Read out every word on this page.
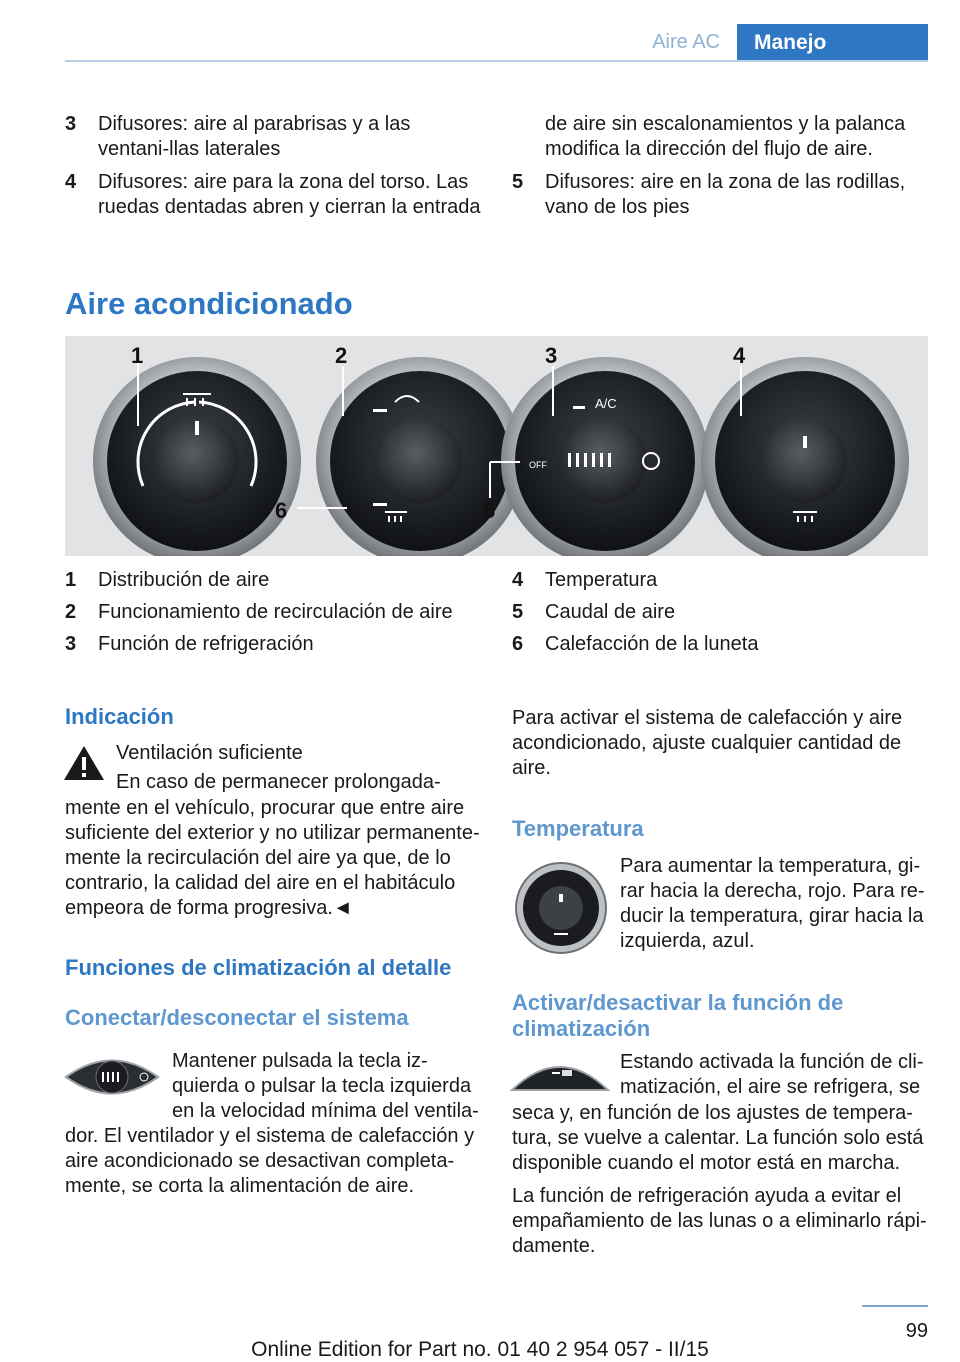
Aire AC	Manejo
3 Difusores: aire al parabrisas y a las ventani-llas laterales
4 Difusores: aire para la zona del torso. Las ruedas dentadas abren y cierran la entrada
de aire sin escalonamientos y la palanca modifica la dirección del flujo de aire.
5 Difusores: aire en la zona de las rodillas, vano de los pies
Aire acondicionado
A/C
OFF
1	2	3	4
5
6
1 Distribución de aire
2 Funcionamiento de recirculación de aire
3 Función de refrigeración
4 Temperatura
5 Caudal de aire
6 Calefacción de la luneta
Indicación
Ventilación suficiente
En caso de permanecer prolongada-
mente en el vehículo, procurar que entre aire suficiente del exterior y no utilizar permanente-mente la recirculación del aire ya que, de lo contrario, la calidad del aire en el habitáculo empeora de forma progresiva.◄
Funciones de climatización al detalle
Conectar/desconectar el sistema
Mantener pulsada la tecla iz-quierda o pulsar la tecla izquierda en la velocidad mínima del ventila-
dor. El ventilador y el sistema de calefacción y aire acondicionado se desactivan completa-mente, se corta la alimentación de aire.
Para activar el sistema de calefacción y aire acondicionado, ajuste cualquier cantidad de aire.
Temperatura
Para aumentar la temperatura, gi-rar hacia la derecha, rojo. Para re-ducir la temperatura, girar hacia la izquierda, azul.
Activar/desactivar la función de climatización
Estando activada la función de cli-matización, el aire se refrigera, se
seca y, en función de los ajustes de tempera-tura, se vuelve a calentar. La función solo está disponible cuando el motor está en marcha.
La función de refrigeración ayuda a evitar el empañamiento de las lunas o a eliminarlo rápi-damente.
99
Online Edition for Part no. 01 40 2 954 057 - II/15
